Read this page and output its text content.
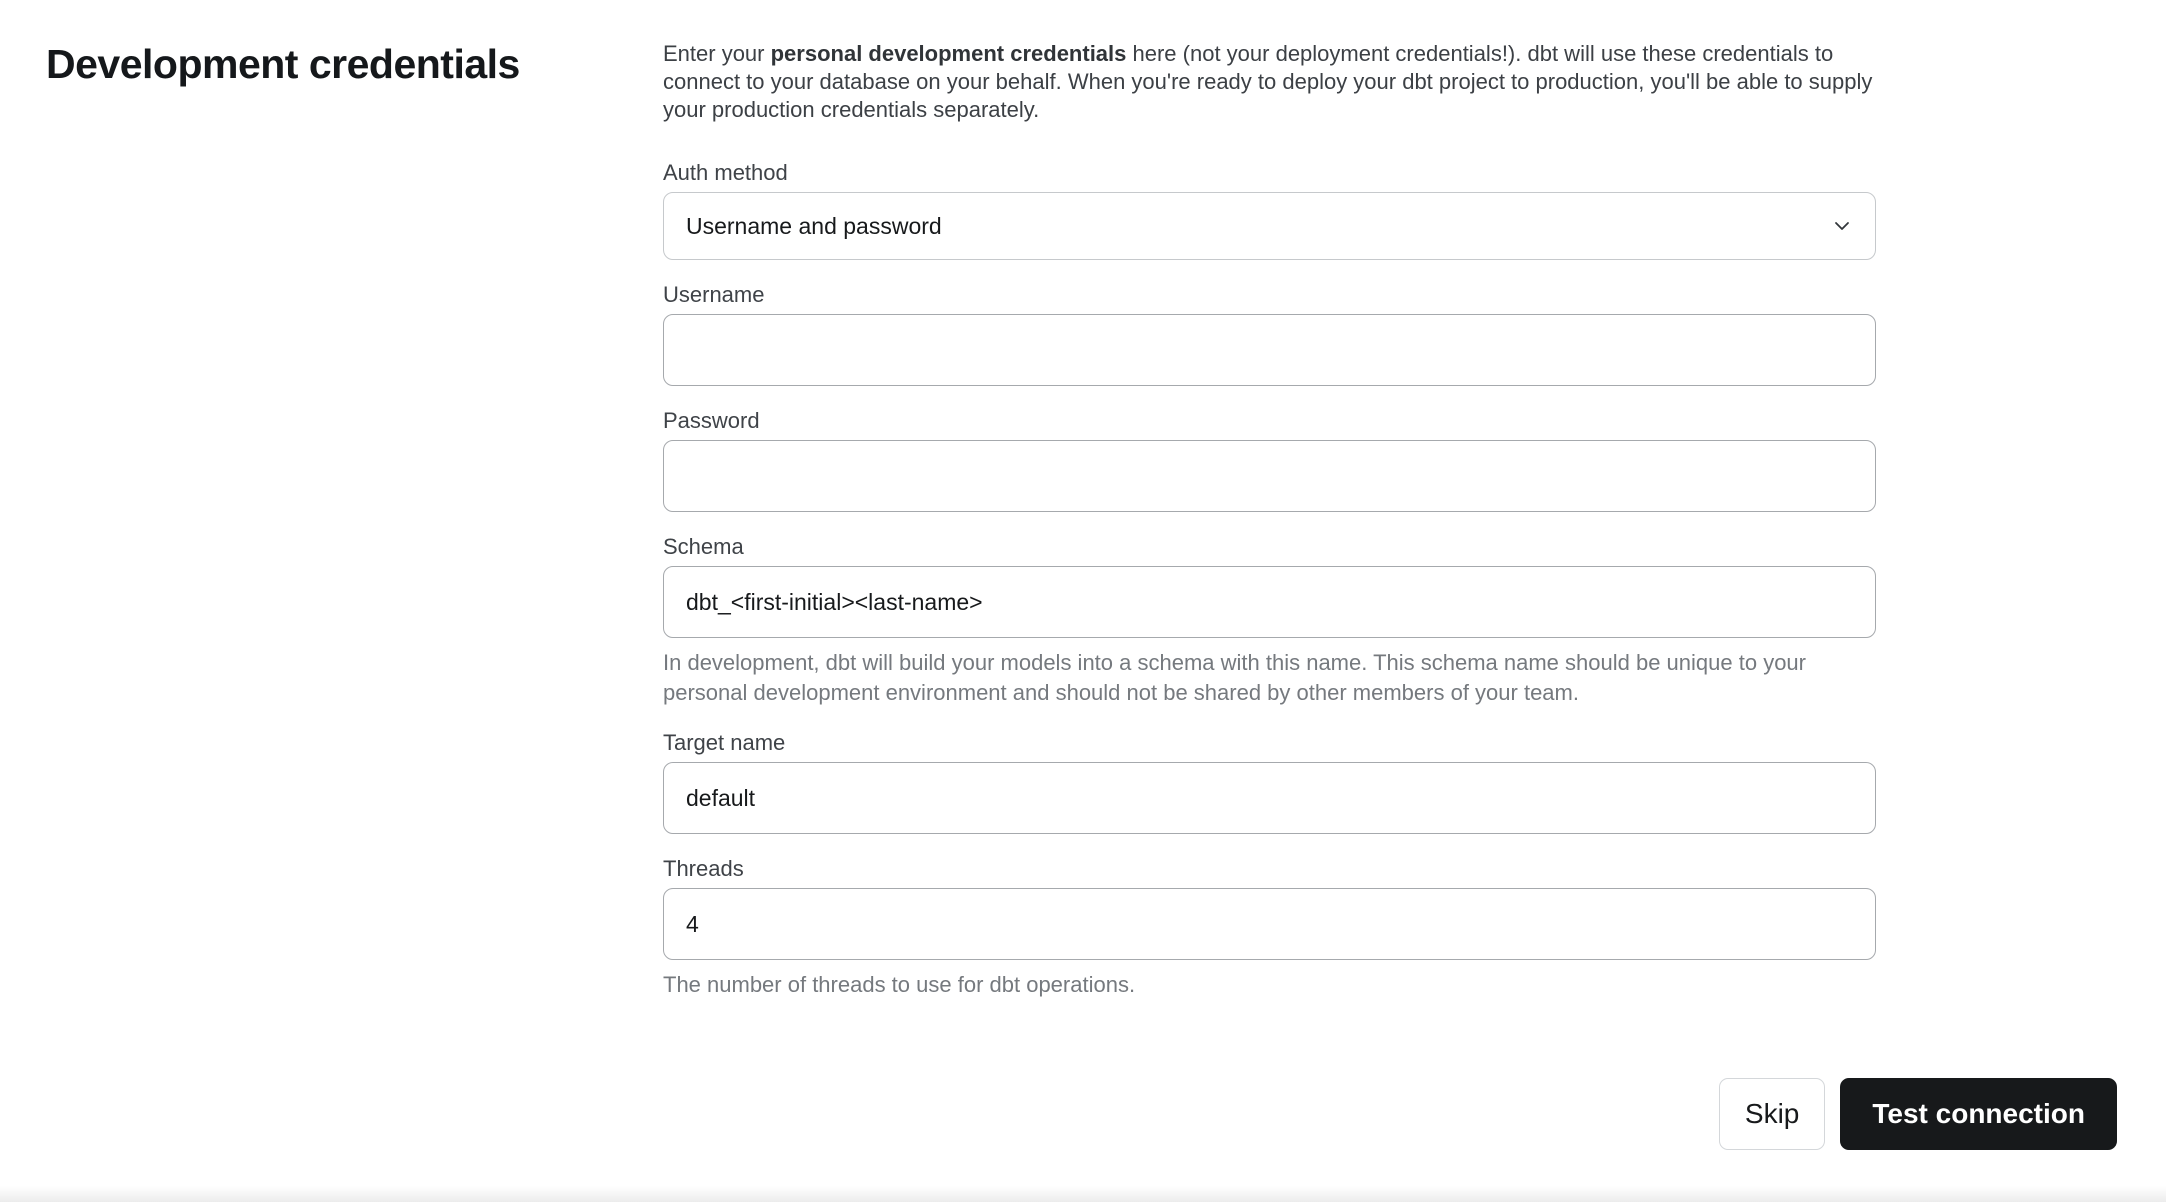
Development credentials	Enter your personal development credentials here (not your deployment credentials!). dbt will use these credentials to connect to your database on your behalf. When you're ready to deploy your dbt project to production, you'll be able to supply your production credentials separately.

Auth method
Username and password
Username
Password
Schema
dbt_<first-initial><last-name>
In development, dbt will build your models into a schema with this name. This schema name should be unique to your personal development environment and should not be shared by other members of your team.
Target name
default
Threads
4
The number of threads to use for dbt operations.
Skip	Test connection
